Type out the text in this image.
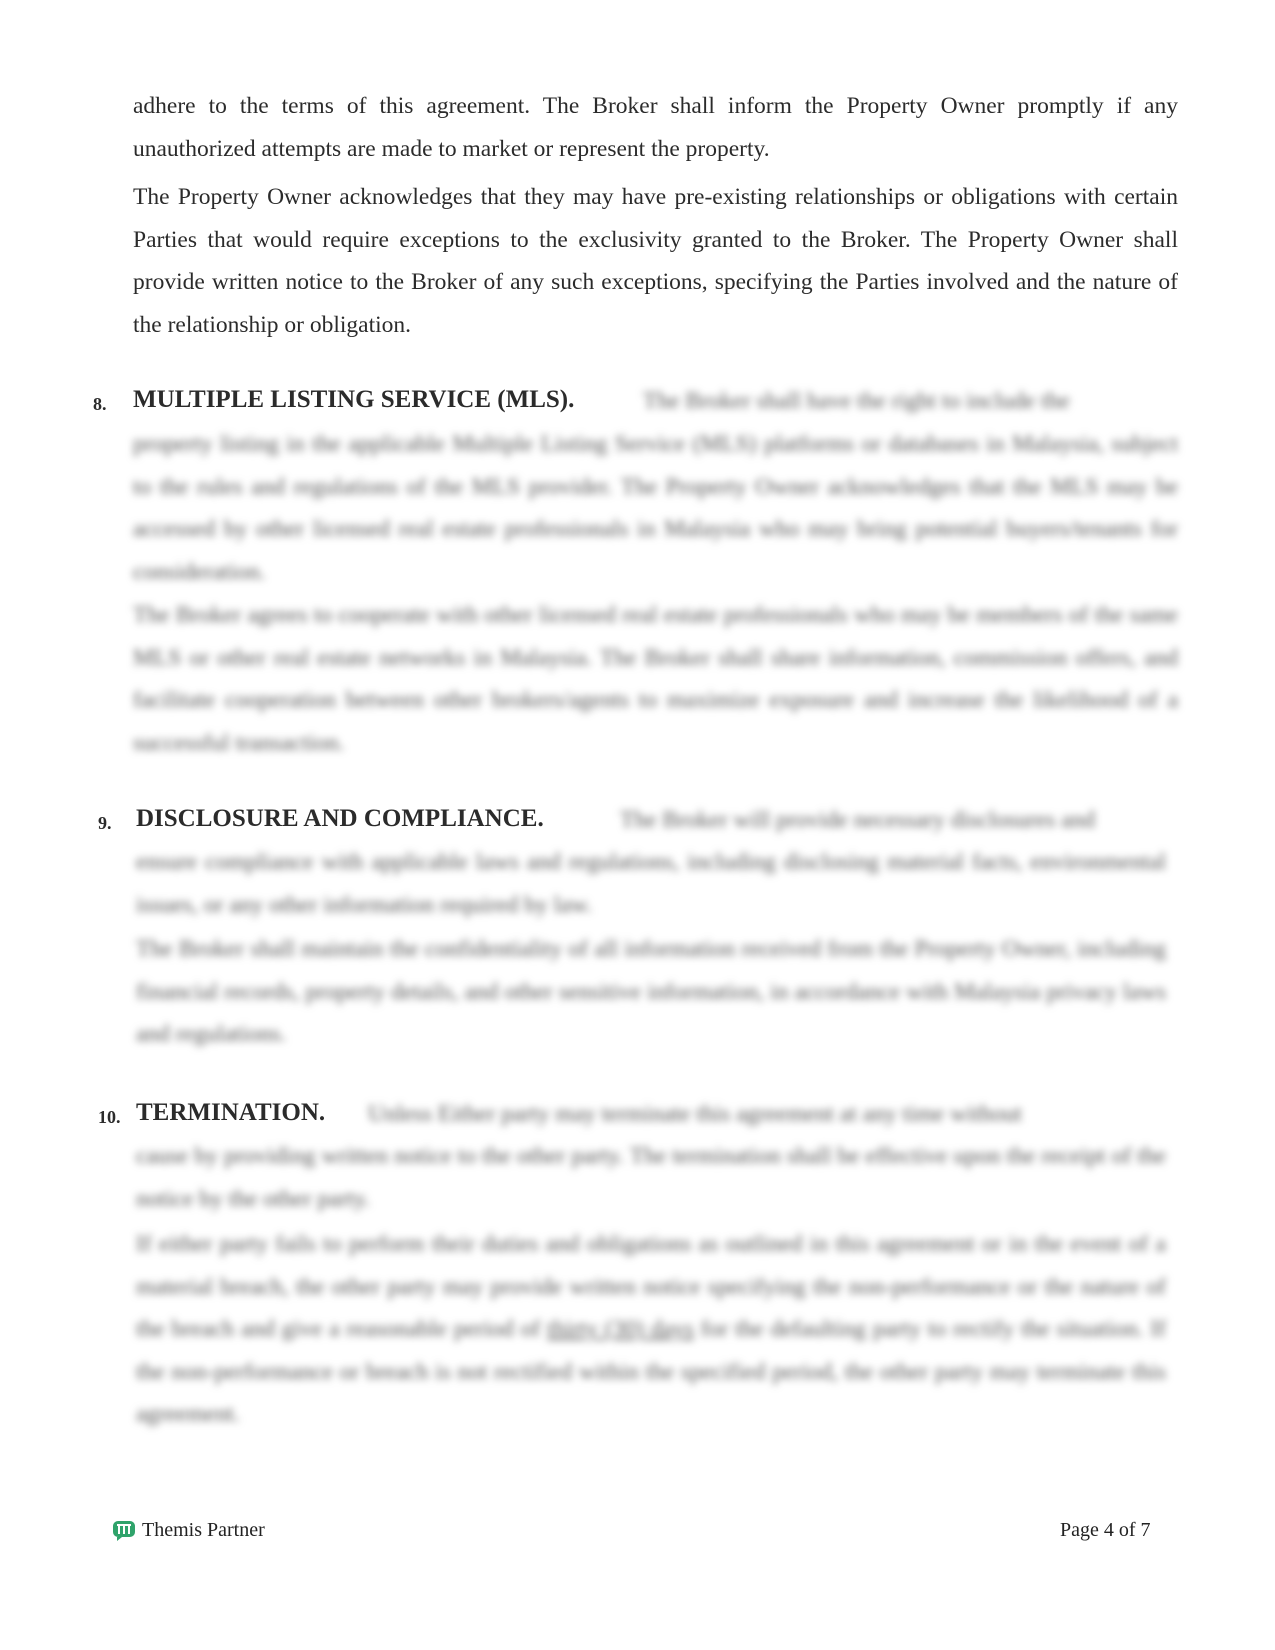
adhere to the terms of this agreement. The Broker shall inform the Property Owner promptly if any unauthorized attempts are made to market or represent the property.

The Property Owner acknowledges that they may have pre-existing relationships or obligations with certain Parties that would require exceptions to the exclusivity granted to the Broker. The Property Owner shall provide written notice to the Broker of any such exceptions, specifying the Parties involved and the nature of the relationship or obligation.

8. MULTIPLE LISTING SERVICE (MLS).	The Broker shall have the right to include the

property listing in the applicable Multiple Listing Service (MLS) platforms or databases in Malaysia, subject to the rules and regulations of the MLS provider. The Property Owner acknowledges that the MLS may be accessed by other licensed real estate professionals in Malaysia who may bring potential buyers/tenants for consideration.

The Broker agrees to cooperate with other licensed real estate professionals who may be members of the same MLS or other real estate networks in Malaysia. The Broker shall share information, commission offers, and facilitate cooperation between other brokers/agents to maximize exposure and increase the likelihood of a successful transaction.

9. DISCLOSURE AND COMPLIANCE.	The Broker will provide necessary disclosures and

ensure compliance with applicable laws and regulations, including disclosing material facts, environmental issues, or any other information required by law.

The Broker shall maintain the confidentiality of all information received from the Property Owner, including financial records, property details, and other sensitive information, in accordance with Malaysia privacy laws and regulations.

10. TERMINATION. Unless Either party may terminate this agreement at any time without

cause by providing written notice to the other party. The termination shall be effective upon the receipt of the notice by the other party.

If either party fails to perform their duties and obligations as outlined in this agreement or in the event of a material breach, the other party may provide written notice specifying the non-performance or the nature of the breach and give a reasonable period of thirty (30) days for the defaulting party to rectify the situation. If the non-performance or breach is not rectified within the specified period, the other party may terminate this agreement.

Themis Partner	Page 4 of 7
